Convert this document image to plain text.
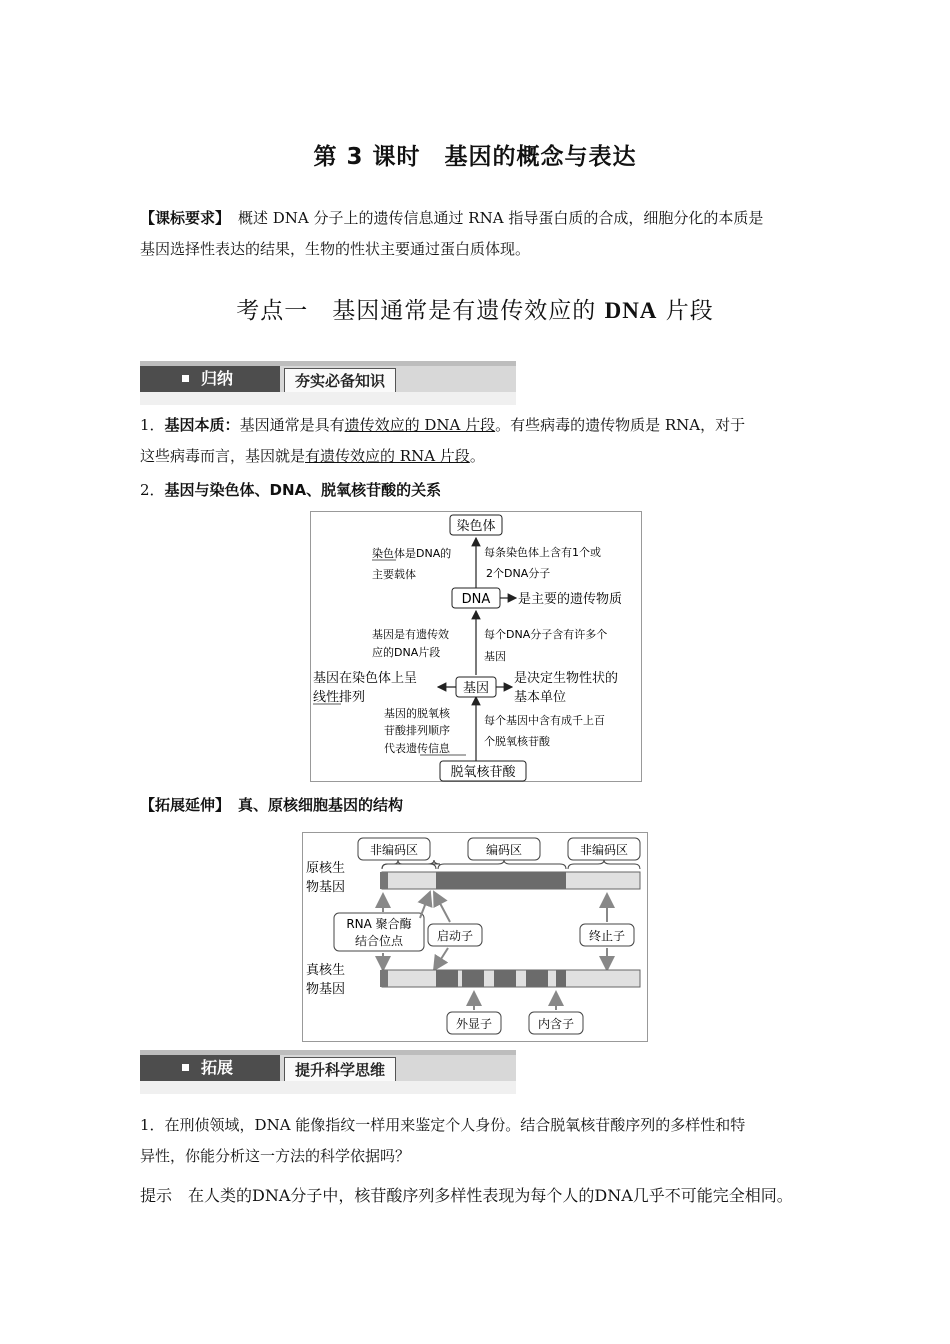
第 3 课时　基因的概念与表达
【课标要求】 概述 DNA 分子上的遗传信息通过 RNA 指导蛋白质的合成，细胞分化的本质是
基因选择性表达的结果，生物的性状主要通过蛋白质体现。
考点一　基因通常是有遗传效应的 DNA 片段
归纳	夯实必备知识
1．基因本质：基因通常是具有遗传效应的 DNA 片段。有些病毒的遗传物质是 RNA，对于
这些病毒而言，基因就是有遗传效应的 RNA 片段。
2．基因与染色体、DNA、脱氧核苷酸的关系
染色体
DNA
基因
脱氧核苷酸
是主要的遗传物质
染色体是DNA的
主要载体
每条染色体上含有1个或
2个DNA分子
基因是有遗传效
应的DNA片段
每个DNA分子含有许多个
基因
基因在染色体上呈
线性排列
是决定生物性状的
基本单位
基因的脱氧核
苷酸排列顺序
代表遗传信息
每个基因中含有成千上百
个脱氧核苷酸
【拓展延伸】 真、原核细胞基因的结构
非编码区	编码区	非编码区
原核生
物基因
RNA 聚合酶
结合位点	启动子	终止子
真核生
物基因
外显子	内含子
拓展	提升科学思维
1．在刑侦领域，DNA 能像指纹一样用来鉴定个人身份。结合脱氧核苷酸序列的多样性和特
异性，你能分析这一方法的科学依据吗？
提示 在人类的DNA分子中，核苷酸序列多样性表现为每个人的DNA几乎不可能完全相同。
